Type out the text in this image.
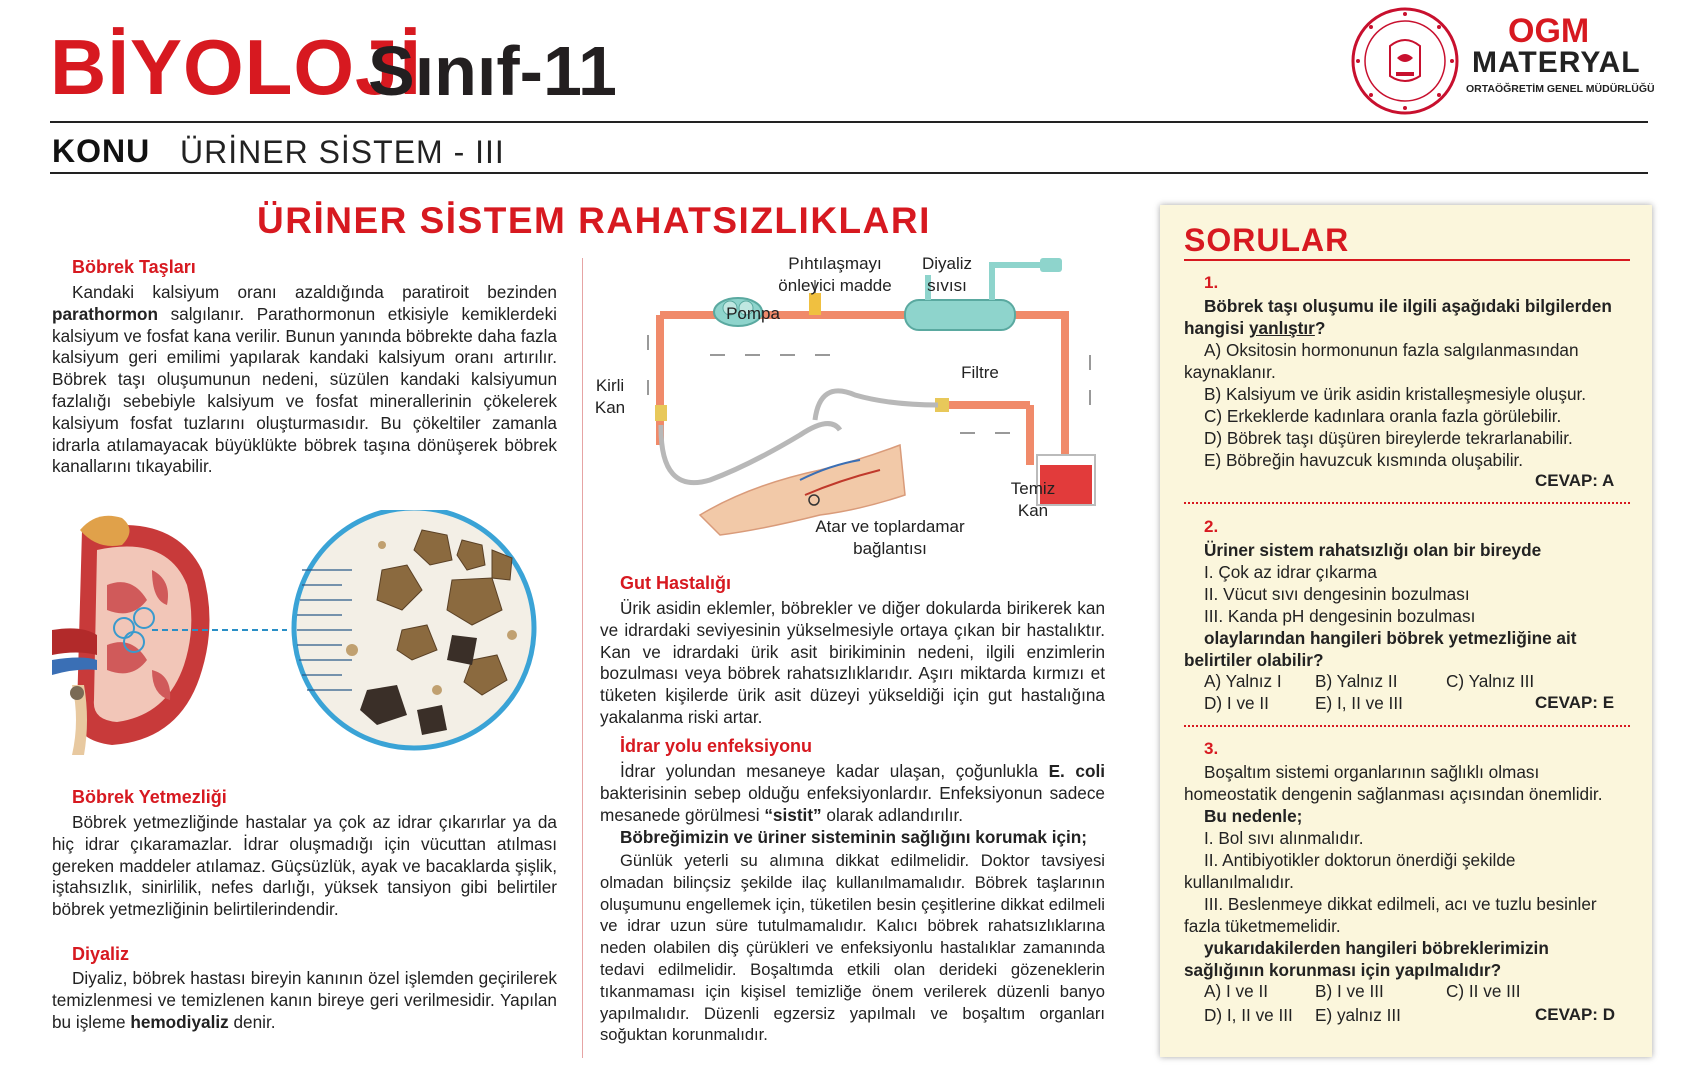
BİYOLOJİ
Sınıf-11
OGM
MATERYAL
ORTAÖĞRETİM GENEL MÜDÜRLÜĞÜ
KONU ÜRİNER SİSTEM - III
ÜRİNER SİSTEM RAHATSIZLIKLARI
Böbrek Taşları
Kandaki kalsiyum oranı azaldığında paratiroit bezinden parathormon salgılanır. Parathormonun etkisiyle kemiklerdeki kalsiyum ve fosfat kana verilir. Bunun yanında böbrekte daha fazla kalsiyum geri emilimi yapılarak kandaki kalsiyum oranı artırılır. Böbrek taşı oluşumunun nedeni, süzülen kandaki kalsiyumun fazlalığı sebebiyle kalsiyum ve fosfat minerallerinin çökelerek kalsiyum fosfat tuzlarını oluşturmasıdır. Bu çökeltiler zamanla idrarla atılamayacak büyüklükte böbrek taşına dönüşerek böbrek kanallarını tıkayabilir.
Böbrek Yetmezliği
Böbrek yetmezliğinde hastalar ya çok az idrar çıkarırlar ya da hiç idrar çıkaramazlar. İdrar oluşmadığı için vücuttan atılması gereken maddeler atılamaz. Güçsüzlük, ayak ve bacaklarda şişlik, iştahsızlık, sinirlilik, nefes darlığı, yüksek tansiyon gibi belirtiler böbrek yetmezliğinin belirtilerindendir.
Diyaliz
Diyaliz, böbrek hastası bireyin kanının özel işlemden geçirilerek temizlenmesi ve temizlenen kanın bireye geri verilmesidir. Yapılan bu işleme hemodiyaliz denir.
Pıhtılaşmayı önleyici madde
Diyaliz sıvısı
Pompa
Filtre
Kirli Kan
Temiz Kan
Atar ve toplardamar bağlantısı
Gut Hastalığı
Ürik asidin eklemler, böbrekler ve diğer dokularda birikerek kan ve idrardaki seviyesinin yükselmesiyle ortaya çıkan bir hastalıktır. Kan ve idrardaki ürik asit birikiminin nedeni, ilgili enzimlerin bozulması veya böbrek rahatsızlıklarıdır. Aşırı miktarda kırmızı et tüketen kişilerde ürik asit düzeyi yükseldiği için gut hastalığına yakalanma riski artar.
İdrar yolu enfeksiyonu
İdrar yolundan mesaneye kadar ulaşan, çoğunlukla E. coli bakterisinin sebep olduğu enfeksiyonlardır. Enfeksiyonun sadece mesanede görülmesi “sistit” olarak adlandırılır.
Böbreğimizin ve üriner sisteminin sağlığını korumak için;
Günlük yeterli su alımına dikkat edilmelidir. Doktor tavsiyesi olmadan bilinçsiz şekilde ilaç kullanılmamalıdır. Böbrek taşlarının oluşumunu engellemek için, tüketilen besin çeşitlerine dikkat edilmeli ve idrar uzun süre tutulmamalıdır. Kalıcı böbrek rahatsızlıklarına neden olabilen diş çürükleri ve enfeksiyonlu hastalıklar zamanında tedavi edilmelidir. Boşaltımda etkili olan derideki gözeneklerin tıkanmaması için kişisel temizliğe önem verilerek düzenli banyo yapılmalıdır. Düzenli egzersiz yapılmalı ve boşaltım organları soğuktan korunmalıdır.
SORULAR
1.
Böbrek taşı oluşumu ile ilgili aşağıdaki bilgilerden hangisi yanlıştır?
A) Oksitosin hormonunun fazla salgılanmasından kaynaklanır.
B) Kalsiyum ve ürik asidin kristalleşmesiyle oluşur.
C) Erkeklerde kadınlara oranla fazla görülebilir.
D) Böbrek taşı düşüren bireylerde tekrarlanabilir.
E) Böbreğin havuzcuk kısmında oluşabilir.
CEVAP: A
2.
Üriner sistem rahatsızlığı olan bir bireyde
I. Çok az idrar çıkarma
II. Vücut sıvı dengesinin bozulması
III. Kanda pH dengesinin bozulması
olaylarından hangileri böbrek yetmezliğine ait belirtiler olabilir?
A) Yalnız I B) Yalnız II	C) Yalnız III
D) I ve II	E) I, II ve III	CEVAP: E
3.
Boşaltım sistemi organlarının sağlıklı olması homeostatik dengenin sağlanması açısından önemlidir.
Bu nedenle;
I. Bol sıvı alınmalıdır.
II. Antibiyotikler doktorun önerdiği şekilde kullanılmalıdır.
III. Beslenmeye dikkat edilmeli, acı ve tuzlu besinler fazla tüketmemelidir.
yukarıdakilerden hangileri böbreklerimizin sağlığının korunması için yapılmalıdır?
A) I ve II	B) I ve III	C) II ve III
D) I, II ve III E) yalnız III	CEVAP: D
